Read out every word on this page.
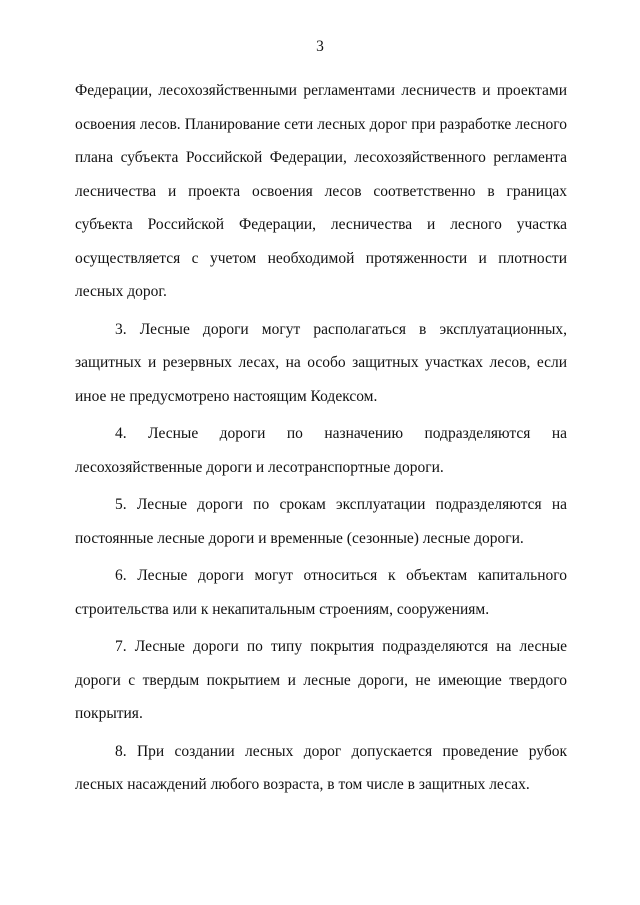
3

Федерации, лесохозяйственными регламентами лесничеств и проектами освоения лесов. Планирование сети лесных дорог при разработке лесного плана субъекта Российской Федерации, лесохозяйственного регламента лесничества и проекта освоения лесов соответственно в границах субъекта Российской Федерации, лесничества и лесного участка осуществляется с учетом необходимой протяженности и плотности лесных дорог.

3. Лесные дороги могут располагаться в эксплуатационных, защитных и резервных лесах, на особо защитных участках лесов, если иное не предусмотрено настоящим Кодексом.

4. Лесные дороги по назначению подразделяются на лесохозяйственные дороги и лесотранспортные дороги.

5. Лесные дороги по срокам эксплуатации подразделяются на постоянные лесные дороги и временные (сезонные) лесные дороги.

6. Лесные дороги могут относиться к объектам капитального строительства или к некапитальным строениям, сооружениям.

7. Лесные дороги по типу покрытия подразделяются на лесные дороги с твердым покрытием и лесные дороги, не имеющие твердого покрытия.

8. При создании лесных дорог допускается проведение рубок лесных насаждений любого возраста, в том числе в защитных лесах.
